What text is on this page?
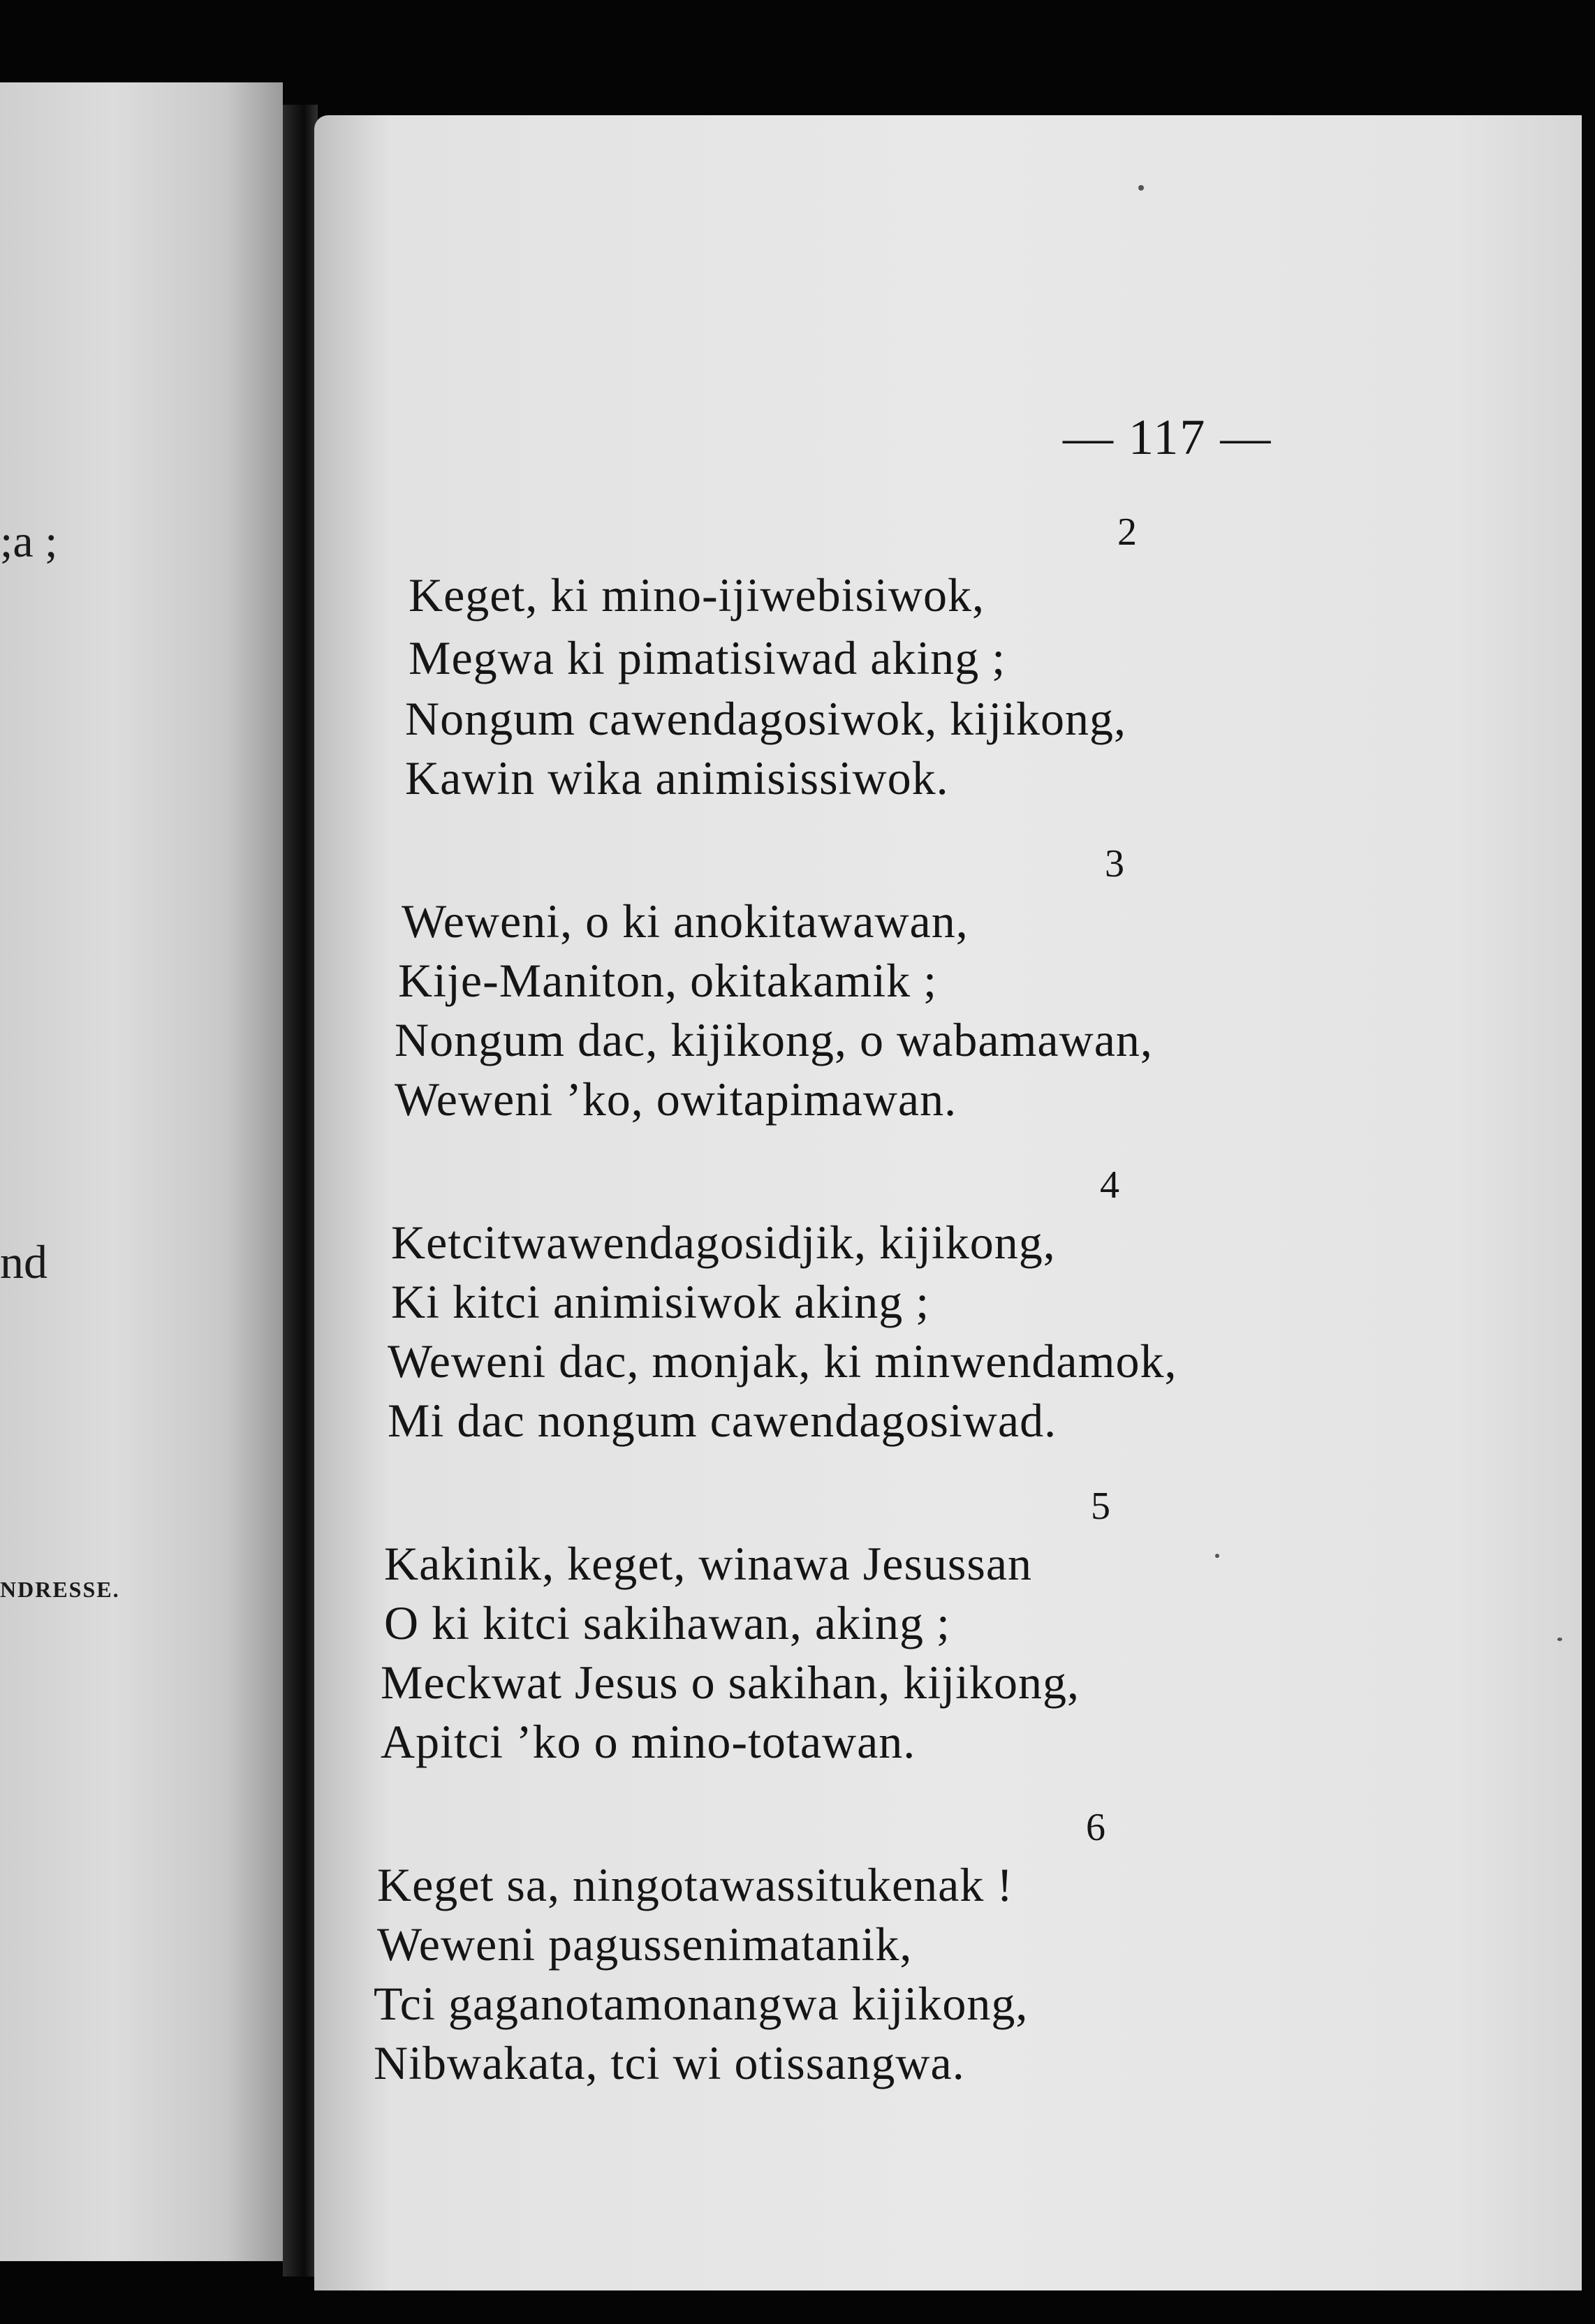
;a ;
nd
NDRESSE.
— 117 —
2
Keget, ki mino-ijiwebisiwok,
Megwa ki pimatisiwad aking ;
Nongum cawendagosiwok, kijikong,
Kawin wika animisissiwok.
3
Weweni, o ki anokitawawan,
Kije-Maniton, okitakamik ;
Nongum dac, kijikong, o wabamawan,
Weweni ’ko, owitapimawan.
4
Ketcitwawendagosidjik, kijikong,
Ki kitci animisiwok aking ;
Weweni dac, monjak, ki minwendamok,
Mi dac nongum cawendagosiwad.
5
Kakinik, keget, winawa Jesussan
O ki kitci sakihawan, aking ;
Meckwat Jesus o sakihan, kijikong,
Apitci ’ko o mino-totawan.
6
Keget sa, ningotawassitukenak !
Weweni pagussenimatanik,
Tci gaganotamonangwa kijikong,
Nibwakata, tci wi otissangwa.
